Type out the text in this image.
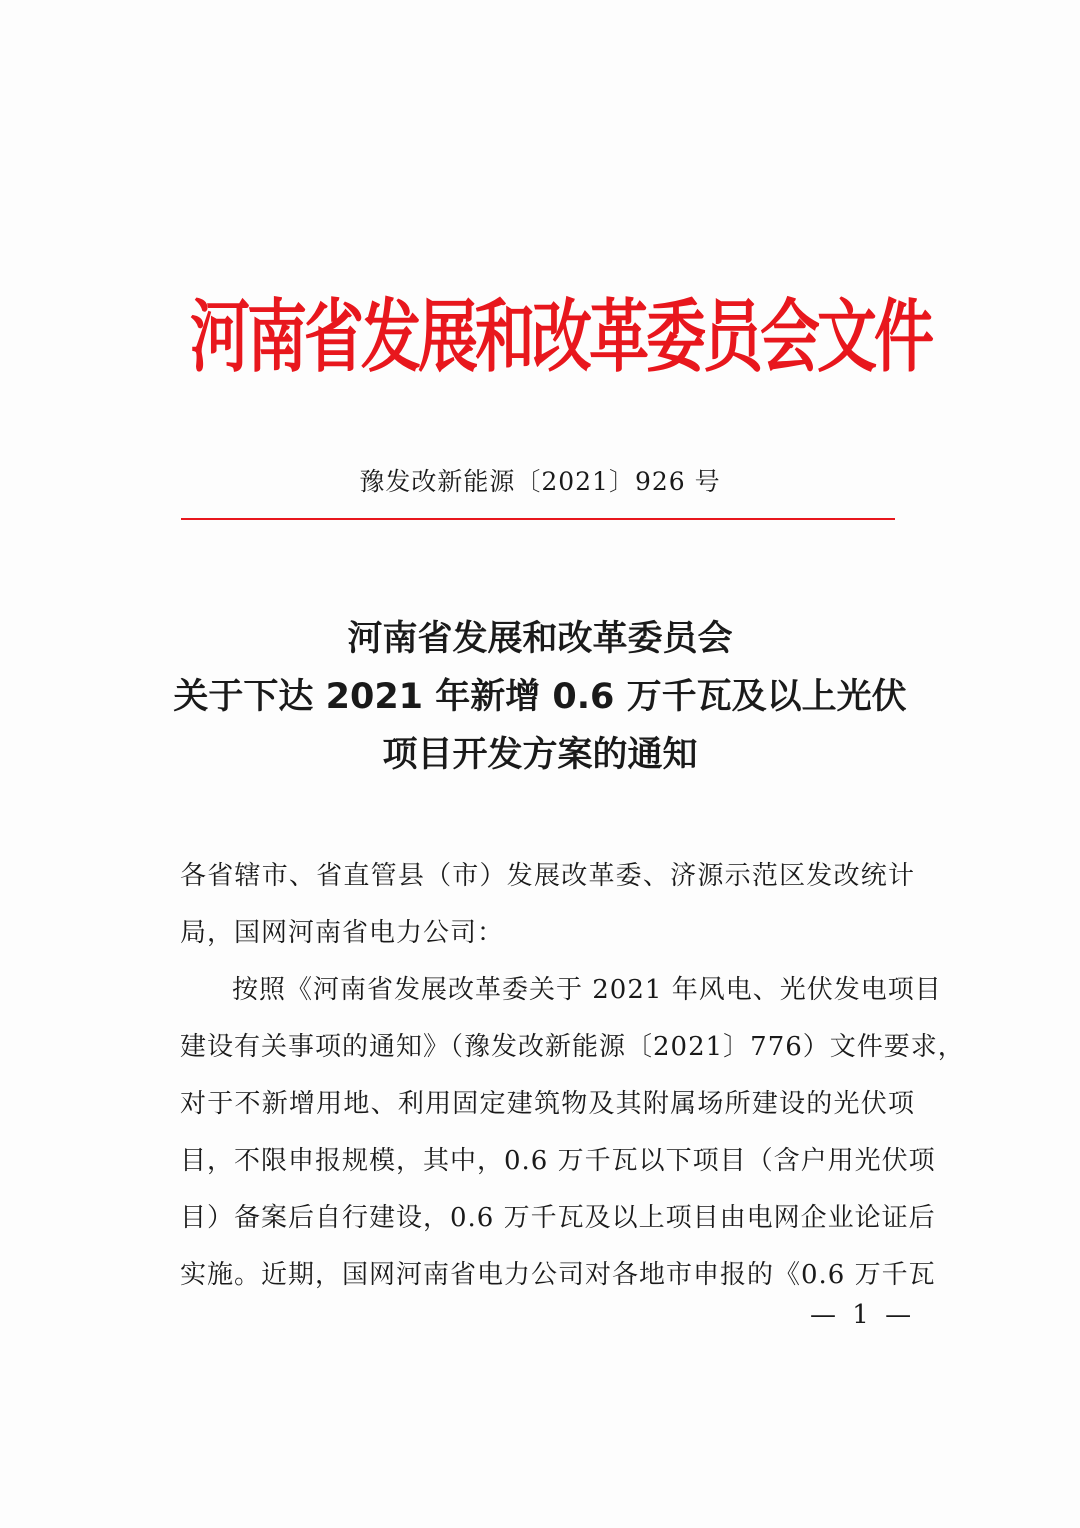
河南省发展和改革委员会文件
豫发改新能源〔2021〕926 号
河南省发展和改革委员会
关于下达 2021 年新增 0.6 万千瓦及以上光伏
项目开发方案的通知
各省辖市、省直管县（市）发展改革委、济源示范区发改统计
局，国网河南省电力公司：
按照《河南省发展改革委关于 2021 年风电、光伏发电项目
建设有关事项的通知》（豫发改新能源〔2021〕776）文件要求，
对于不新增用地、利用固定建筑物及其附属场所建设的光伏项
目，不限申报规模，其中，0.6 万千瓦以下项目（含户用光伏项
目）备案后自行建设，0.6 万千瓦及以上项目由电网企业论证后
实施。近期，国网河南省电力公司对各地市申报的《0.6 万千瓦
— 1 —
